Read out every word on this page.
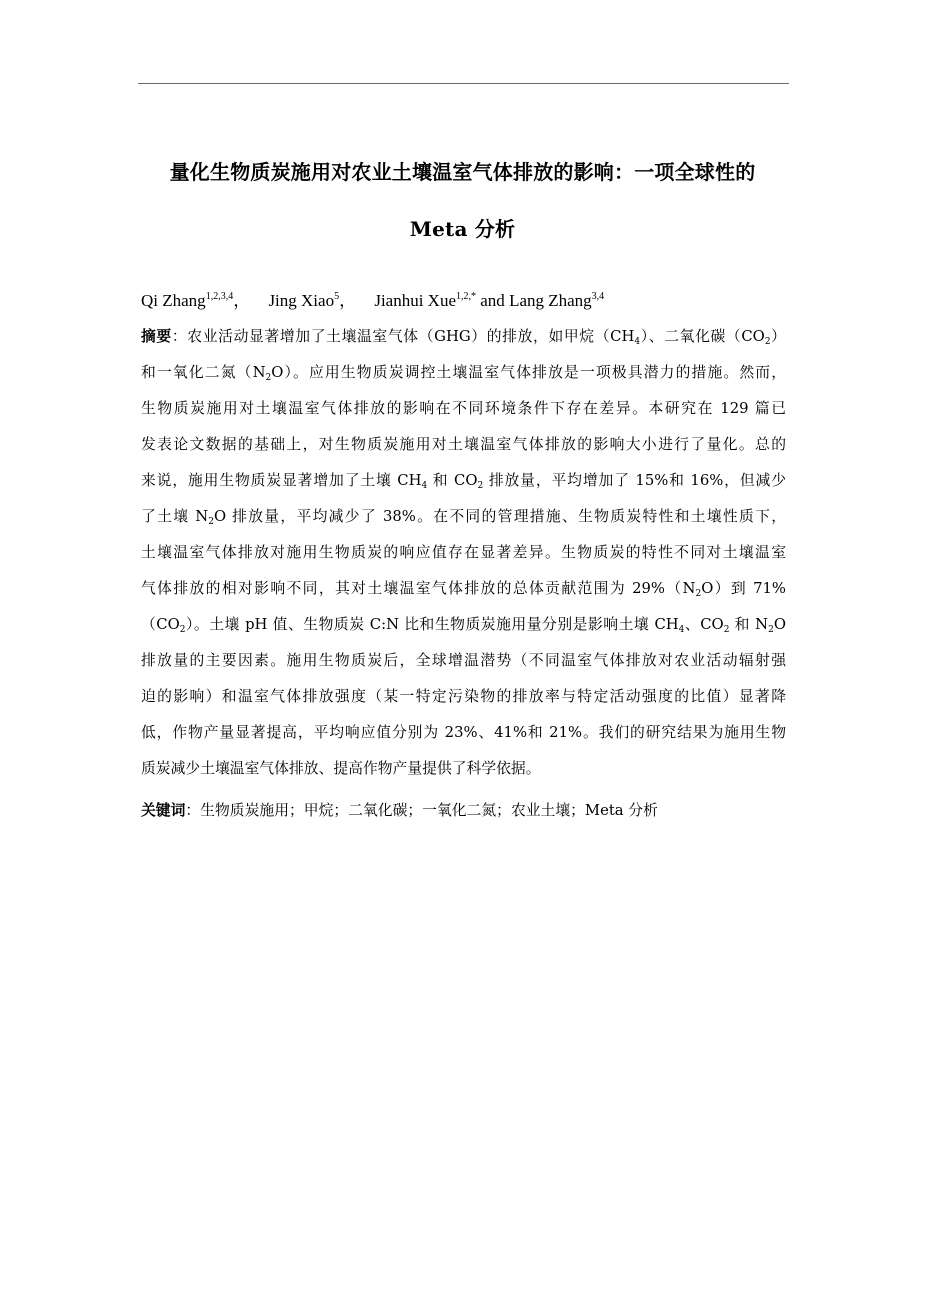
量化生物质炭施用对农业土壤温室气体排放的影响：一项全球性的
Meta 分析
Qi Zhang$^{1,2,3,4}$， Jing Xiao$^5$， Jianhui Xue$^{1,2,*}$ and Lang Zhang$^{3,4}$
摘要：农业活动显著增加了土壤温室气体（GHG）的排放，如甲烷$(CH_4)$、二氧化碳$(CO_2)$
和一氧化二氮$(N_2O)$。应用生物质炭调控土壤温室气体排放是一项极具潜力的措施。然而，
生物质炭施用对土壤温室气体排放的影响在不同环境条件下存在差异。本研究在 129 篇已
发表论文数据的基础上，对生物质炭施用对土壤温室气体排放的影响大小进行了量化。总的
来说，施用生物质炭显著增加了土壤 $CH_4$ 和 $CO_2$ 排放量，平均增加了 15%和 16%，但减少
了土壤 $N_2O$ 排放量，平均减少了 38%。在不同的管理措施、生物质炭特性和土壤性质下，
土壤温室气体排放对施用生物质炭的响应值存在显著差异。生物质炭的特性不同对土壤温室
气体排放的相对影响不同，其对土壤温室气体排放的总体贡献范围为 $29\%(N_2O)$到 71%
$(CO_2)$。土壤 pH 值、生物质炭 C:N 比和生物质炭施用量分别是影响土壤 $CH_4$、$CO_2$ 和 $N_2O$
排放量的主要因素。施用生物质炭后，全球增温潜势（不同温室气体排放对农业活动辐射强
迫的影响）和温室气体排放强度（某一特定污染物的排放率与特定活动强度的比值）显著降
低，作物产量显著提高，平均响应值分别为 23%、41%和 21%。我们的研究结果为施用生物
质炭减少土壤温室气体排放、提高作物产量提供了科学依据。
关键词：生物质炭施用；甲烷；二氧化碳；一氧化二氮；农业土壤；Meta 分析
